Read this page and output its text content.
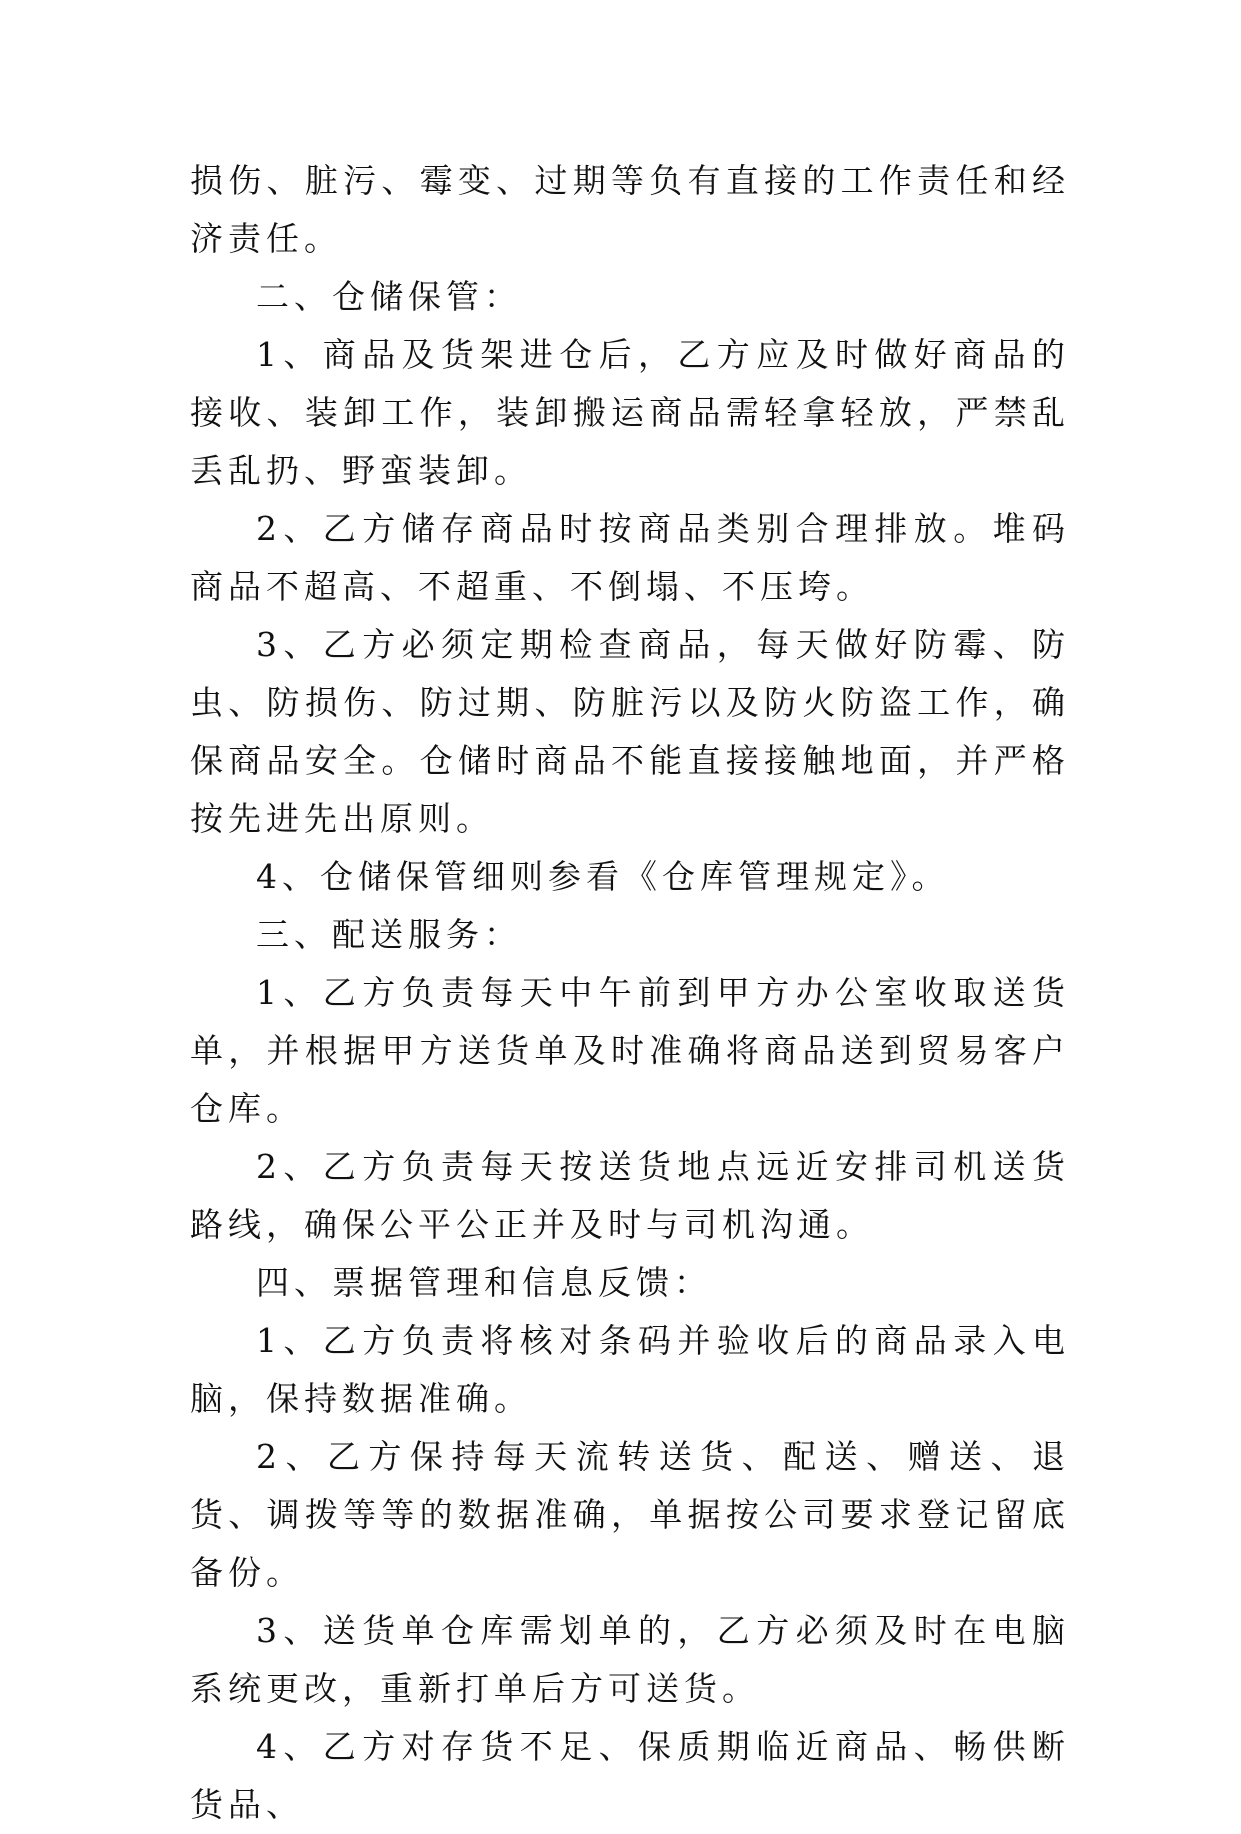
损伤、脏污、霉变、过期等负有直接的工作责任和经济责任。

二、仓储保管：

1、商品及货架进仓后，乙方应及时做好商品的接收、装卸工作，装卸搬运商品需轻拿轻放，严禁乱丢乱扔、野蛮装卸。

2、乙方储存商品时按商品类别合理排放。堆码商品不超高、不超重、不倒塌、不压垮。

3、乙方必须定期检查商品，每天做好防霉、防虫、防损伤、防过期、防脏污以及防火防盗工作，确保商品安全。仓储时商品不能直接接触地面，并严格按先进先出原则。

4、仓储保管细则参看《仓库管理规定》。

三、配送服务：

1、乙方负责每天中午前到甲方办公室收取送货单，并根据甲方送货单及时准确将商品送到贸易客户仓库。

2、乙方负责每天按送货地点远近安排司机送货路线，确保公平公正并及时与司机沟通。

四、票据管理和信息反馈：

1、乙方负责将核对条码并验收后的商品录入电脑，保持数据准确。

2、乙方保持每天流转送货、配送、赠送、退货、调拨等等的数据准确，单据按公司要求登记留底备份。

3、送货单仓库需划单的，乙方必须及时在电脑系统更改，重新打单后方可送货。

4、乙方对存货不足、保质期临近商品、畅供断货品、
